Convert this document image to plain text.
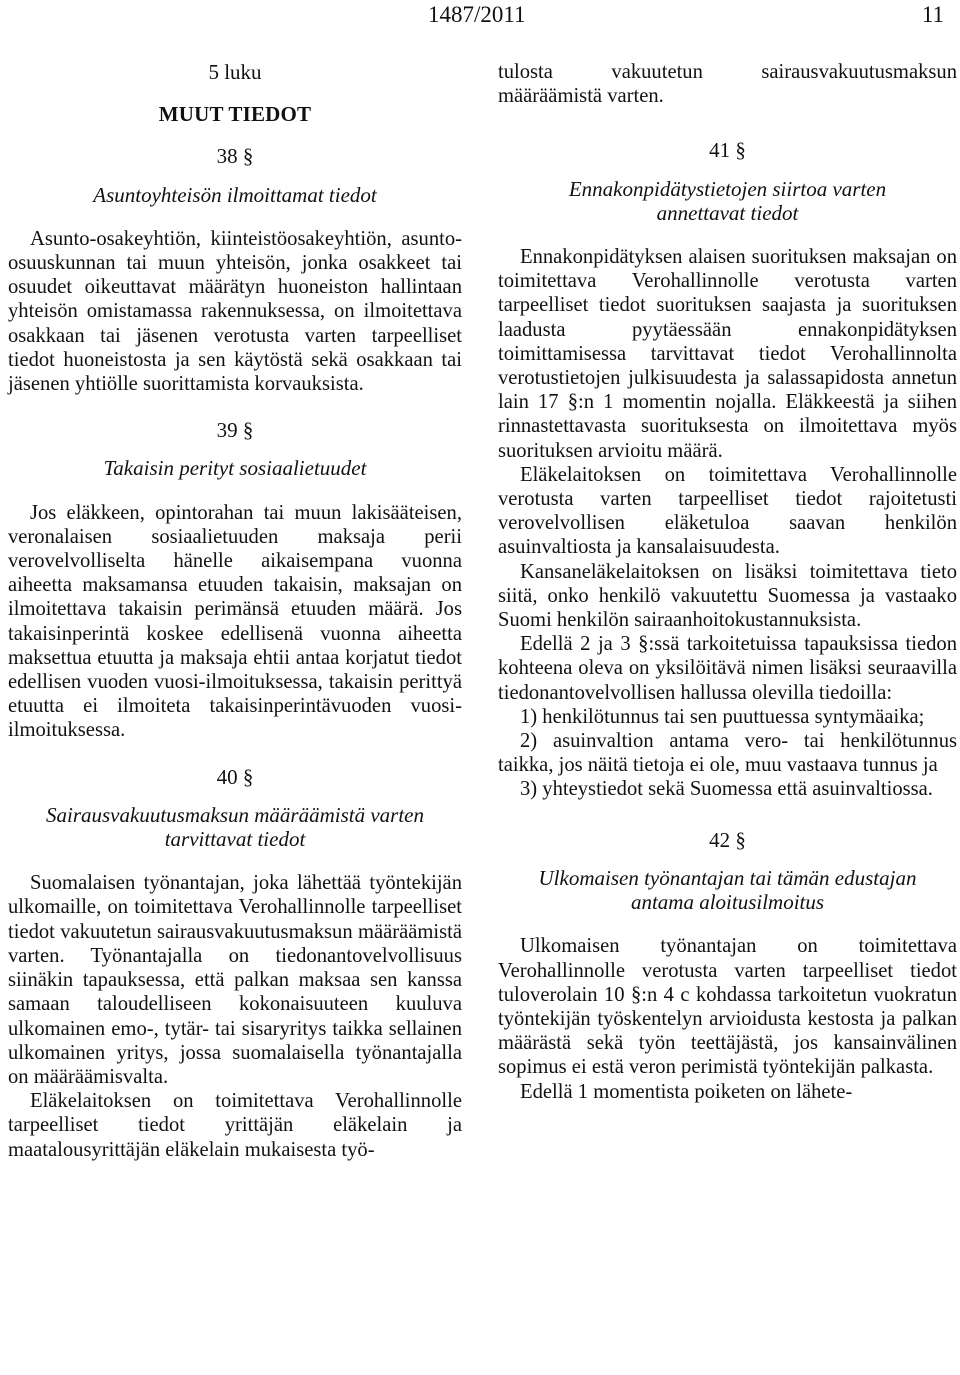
1487/2011	11
5 luku
MUUT TIEDOT
38 §
Asuntoyhteisön ilmoittamat tiedot

Asunto-osakeyhtiön, kiinteistöosakeyhtiön, asunto-osuuskunnan tai muun yhteisön, jonka osakkeet tai osuudet oikeuttavat määrätyn huoneiston hallintaan yhteisön omistamassa rakennuksessa, on ilmoitettava osakkaan tai jäsenen verotusta varten tarpeelliset tiedot huoneistosta ja sen käytöstä sekä osakkaan tai jäsenen yhtiölle suorittamista korvauksista.

39 §
Takaisin perityt sosiaalietuudet

Jos eläkkeen, opintorahan tai muun lakisääteisen, veronalaisen sosiaalietuuden maksaja perii verovelvolliselta hänelle aikaisempana vuonna aiheetta maksamansa etuuden takaisin, maksajan on ilmoitettava takaisin perimänsä etuuden määrä. Jos takaisinperintä koskee edellisenä vuonna aiheetta maksettua etuutta ja maksaja ehtii antaa korjatut tiedot edellisen vuoden vuosi-ilmoituksessa, takaisin perittyä etuutta ei ilmoiteta takaisinperintävuoden vuosi-ilmoituksessa.

40 §
Sairausvakuutusmaksun määräämistä varten tarvittavat tiedot

Suomalaisen työnantajan, joka lähettää työntekijän ulkomaille, on toimitettava Verohallinnolle tarpeelliset tiedot vakuutetun sairausvakuutusmaksun määräämistä varten. Työnantajalla on tiedonantovelvollisuus siinäkin tapauksessa, että palkan maksaa sen kanssa samaan taloudelliseen kokonaisuuteen kuuluva ulkomainen emo-, tytär- tai sisaryritys taikka sellainen ulkomainen yritys, jossa suomalaisella työnantajalla on määräämisvalta.

Eläkelaitoksen on toimitettava Verohallinnolle tarpeelliset tiedot yrittäjän eläkelain ja maatalousyrittäjän eläkelain mukaisesta työ-

tulosta vakuutetun sairausvakuutusmaksun määräämistä varten.

41 §
Ennakonpidätystietojen siirtoa varten annettavat tiedot

Ennakonpidätyksen alaisen suorituksen maksajan on toimitettava Verohallinnolle verotusta varten tarpeelliset tiedot suorituksen saajasta ja suorituksen laadusta pyytäessään ennakonpidätyksen toimittamisessa tarvittavat tiedot Verohallinnolta verotustietojen julkisuudesta ja salassapidosta annetun lain 17 §:n 1 momentin nojalla. Eläkkeestä ja siihen rinnastettavasta suorituksesta on ilmoitettava myös suorituksen arvioitu määrä.

Eläkelaitoksen on toimitettava Verohallinnolle verotusta varten tarpeelliset tiedot rajoitetusti verovelvollisen eläketuloa saavan henkilön asuinvaltiosta ja kansalaisuudesta.

Kansaneläkelaitoksen on lisäksi toimitettava tieto siitä, onko henkilö vakuutettu Suomessa ja vastaako Suomi henkilön sairaanhoitokustannuksista.

Edellä 2 ja 3 §:ssä tarkoitetuissa tapauksissa tiedon kohteena oleva on yksilöitävä nimen lisäksi seuraavilla tiedonantovelvollisen hallussa olevilla tiedoilla:

1) henkilötunnus tai sen puuttuessa syntymäaika;

2) asuinvaltion antama vero- tai henkilötunnus taikka, jos näitä tietoja ei ole, muu vastaava tunnus ja

3) yhteystiedot sekä Suomessa että asuinvaltiossa.

42 §
Ulkomaisen työnantajan tai tämän edustajan antama aloitusilmoitus

Ulkomaisen työnantajan on toimitettava Verohallinnolle verotusta varten tarpeelliset tiedot tuloverolain 10 §:n 4 c kohdassa tarkoitetun vuokratun työntekijän työskentelyn arvioidusta kestosta ja palkan määrästä sekä työn teettäjästä, jos kansainvälinen sopimus ei estä veron perimistä työntekijän palkasta.

Edellä 1 momentista poiketen on lähete-
